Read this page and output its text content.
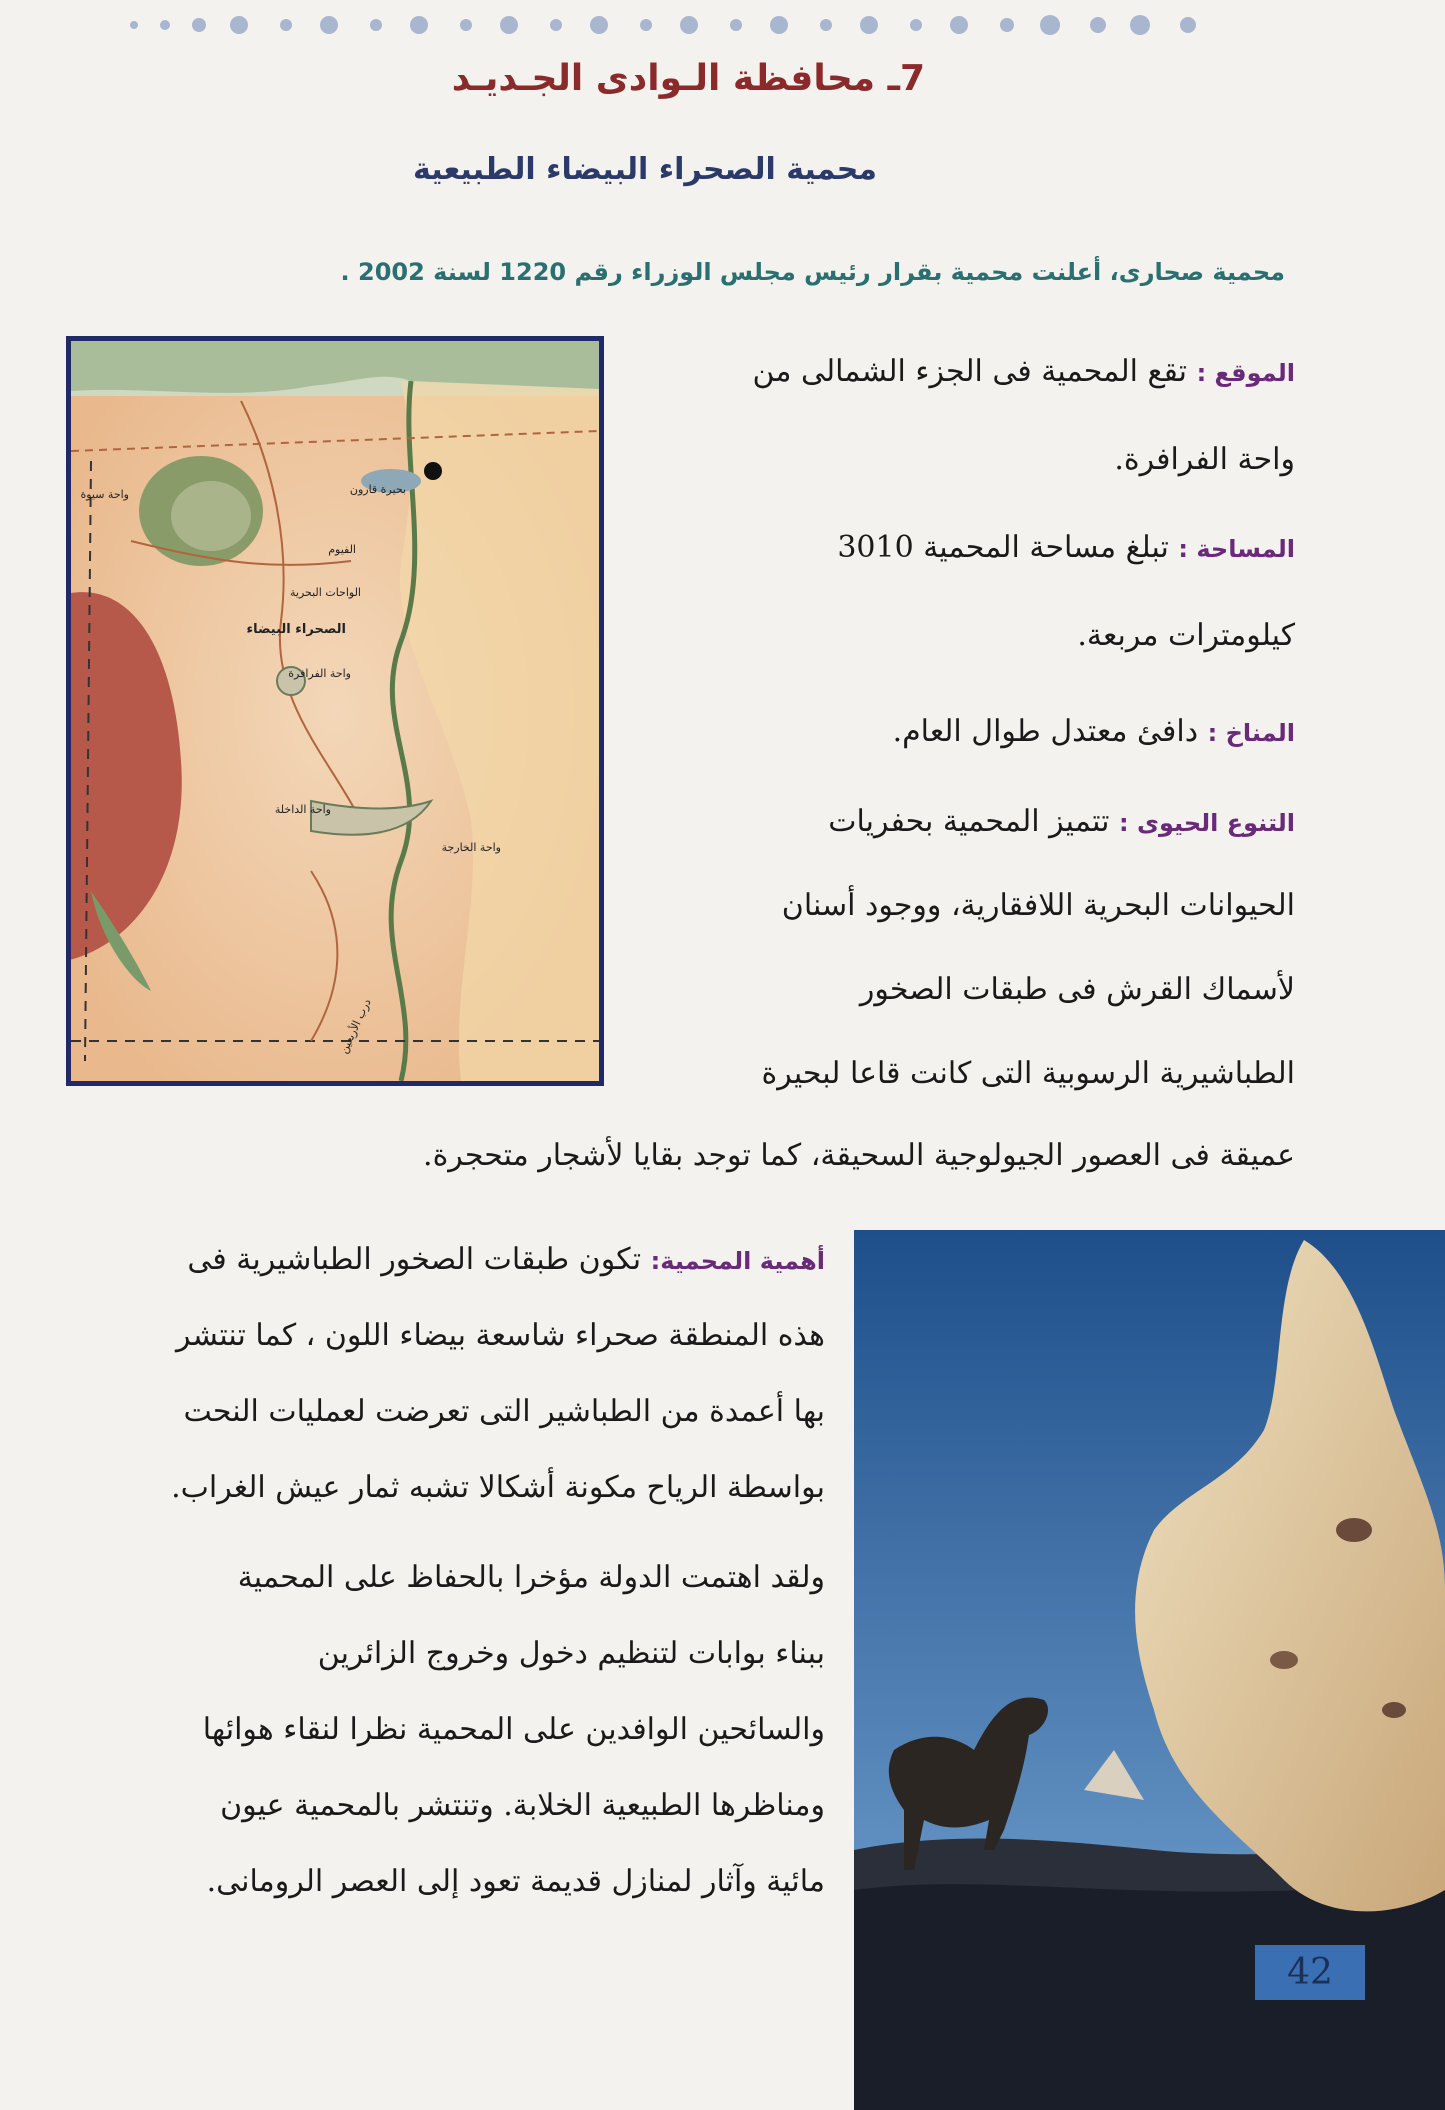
7ـ محافظة الـوادى الجـديـد
محمية الصحراء البيضاء الطبيعية
محمية صحارى، أعلنت محمية بقرار رئيس مجلس الوزراء رقم 1220 لسنة 2002 .
الموقع : تقع المحمية فى الجزء الشمالى من
واحة الفرافرة.
المساحة : تبلغ مساحة المحمية 3010
كيلومترات مربعة.
المناخ : دافئ معتدل طوال العام.
التنوع الحيوى : تتميز المحمية بحفريات
الحيوانات البحرية اللافقارية، ووجود أسنان
لأسماك القرش فى طبقات الصخور
الطباشيرية الرسوبية التى كانت قاعا لبحيرة
عميقة فى العصور الجيولوجية السحيقة، كما توجد بقايا لأشجار متحجرة.
بحيرة قارون
واحة سيوة
الفيوم
الواحات البحرية
الصحراء البيضاء
واحة الفرافرة
واحة الداخلة
واحة الخارجة
درب الأربعين
أهمية المحمية: تكون طبقات الصخور الطباشيرية فى
هذه المنطقة صحراء شاسعة بيضاء اللون ، كما تنتشر
بها أعمدة من الطباشير التى تعرضت لعمليات النحت
بواسطة الرياح مكونة أشكالا تشبه ثمار عيش الغراب.
ولقد اهتمت الدولة مؤخرا بالحفاظ على المحمية
ببناء بوابات لتنظيم دخول وخروج الزائرين
والسائحين الوافدين على المحمية نظرا لنقاء هوائها
ومناظرها الطبيعية الخلابة. وتنتشر بالمحمية عيون
مائية وآثار لمنازل قديمة تعود إلى العصر الرومانى.
42
